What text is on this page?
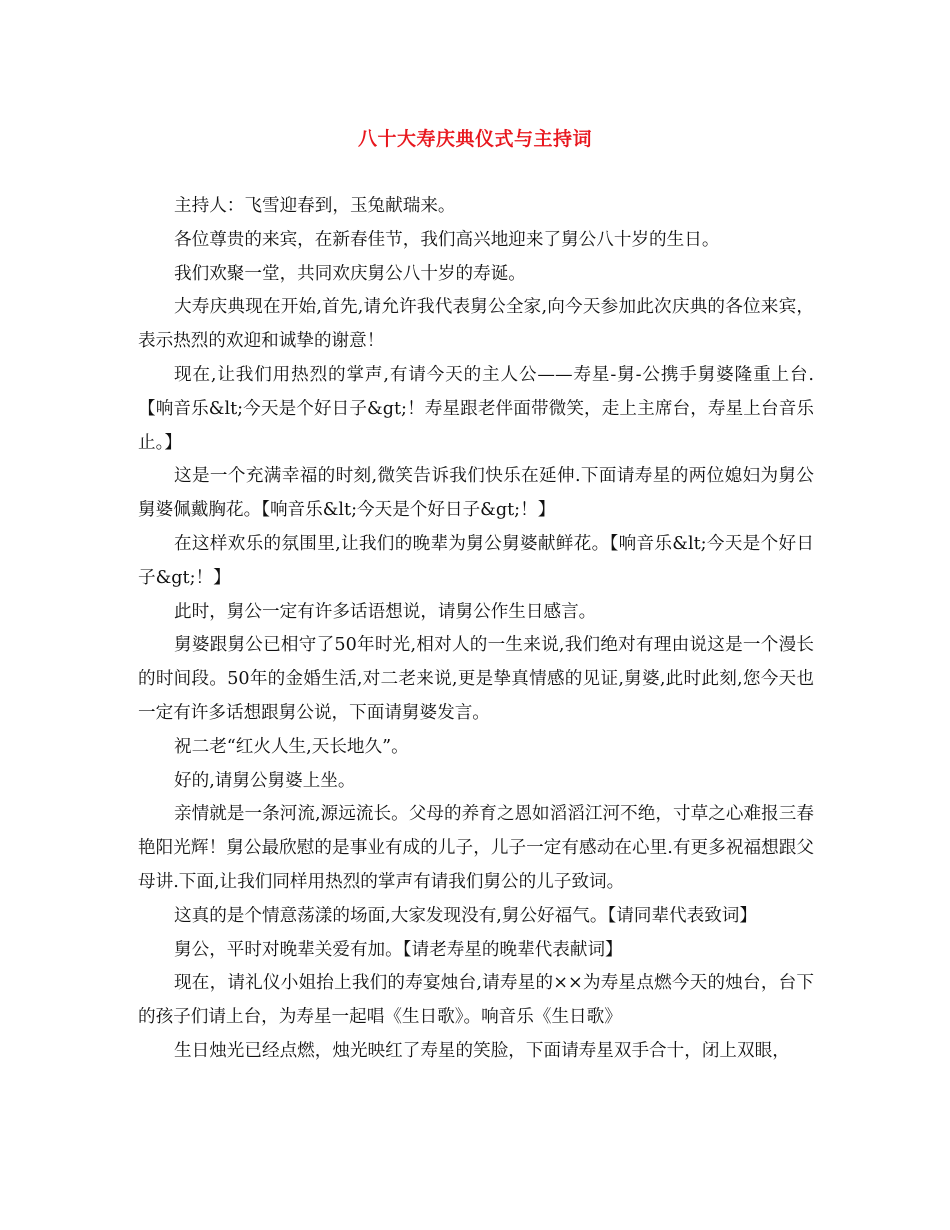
八十大寿庆典仪式与主持词

主持人：飞雪迎春到，玉兔献瑞来。

各位尊贵的来宾，在新春佳节，我们高兴地迎来了舅公八十岁的生日。

我们欢聚一堂，共同欢庆舅公八十岁的寿诞。

大寿庆典现在开始,首先,请允许我代表舅公全家,向今天参加此次庆典的各位来宾，表示热烈的欢迎和诚挚的谢意！

现在,让我们用热烈的掌声,有请今天的主人公——寿星-舅-公携手舅婆隆重上台.【响音乐&lt;今天是个好日子&gt;！寿星跟老伴面带微笑，走上主席台，寿星上台音乐止。】

这是一个充满幸福的时刻,微笑告诉我们快乐在延伸.下面请寿星的两位媳妇为舅公舅婆佩戴胸花。【响音乐&lt;今天是个好日子&gt;！】

在这样欢乐的氛围里,让我们的晚辈为舅公舅婆献鲜花。【响音乐&lt;今天是个好日子&gt;！】

此时，舅公一定有许多话语想说，请舅公作生日感言。

舅婆跟舅公已相守了50年时光,相对人的一生来说,我们绝对有理由说这是一个漫长的时间段。50年的金婚生活,对二老来说,更是挚真情感的见证,舅婆,此时此刻,您今天也一定有许多话想跟舅公说，下面请舅婆发言。

祝二老“红火人生,天长地久”。

好的,请舅公舅婆上坐。

亲情就是一条河流,源远流长。父母的养育之恩如滔滔江河不绝，寸草之心难报三春艳阳光辉！舅公最欣慰的是事业有成的儿子，儿子一定有感动在心里.有更多祝福想跟父母讲.下面,让我们同样用热烈的掌声有请我们舅公的儿子致词。

这真的是个情意荡漾的场面,大家发现没有,舅公好福气。【请同辈代表致词】

舅公，平时对晚辈关爱有加。【请老寿星的晚辈代表献词】

现在，请礼仪小姐抬上我们的寿宴烛台,请寿星的××为寿星点燃今天的烛台，台下的孩子们请上台，为寿星一起唱《生日歌》。响音乐《生日歌》

生日烛光已经点燃，烛光映红了寿星的笑脸，下面请寿星双手合十，闭上双眼，
